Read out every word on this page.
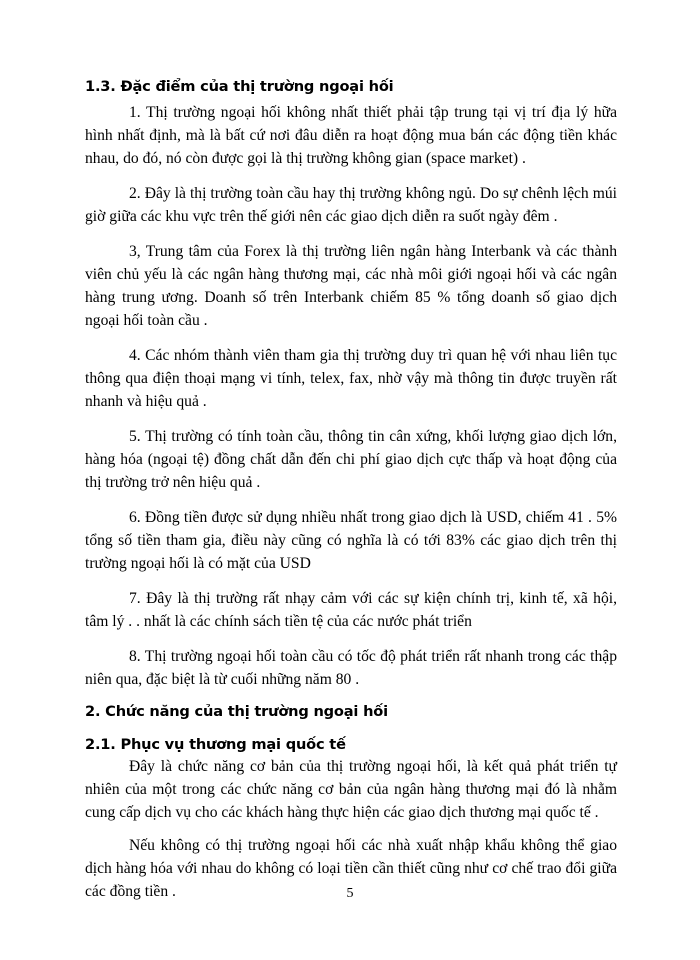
1.3. Đặc điểm của thị trường ngoại hối

1. Thị trường ngoại hối không nhất thiết phải tập trung tại vị trí địa lý hữa hình nhất định, mà là bất cứ nơi đâu diễn ra hoạt động mua bán các động tiền khác nhau, do đó, nó còn được gọi là thị trường không gian (space market) .

2. Đây là thị trường toàn cầu hay thị trường không ngủ. Do sự chênh lệch múi giờ giữa các khu vực trên thế giới nên các giao dịch diễn ra suốt ngày đêm .

3, Trung tâm của Forex là thị trường liên ngân hàng Interbank và các thành viên chủ yếu là các ngân hàng thương mại, các nhà môi giới ngoại hối và các ngân hàng trung ương. Doanh số trên Interbank chiếm 85 % tổng doanh số giao dịch ngoại hối toàn cầu .

4. Các nhóm thành viên tham gia thị trường duy trì quan hệ với nhau liên tục thông qua điện thoại mạng vi tính, telex, fax, nhờ vậy mà thông tin được truyền rất nhanh và hiệu quả .

5. Thị trường có tính toàn cầu, thông tin cân xứng, khối lượng giao dịch lớn, hàng hóa (ngoại tệ) đồng chất dẫn đến chi phí giao dịch cực thấp và hoạt động của thị trường trở nên hiệu quả .

6. Đồng tiền được sử dụng nhiều nhất trong giao dịch là USD, chiếm 41 . 5% tổng số tiền tham gia, điều này cũng có nghĩa là có tới 83% các giao dịch trên thị trường ngoại hối là có mặt của USD

7. Đây là thị trường rất nhạy cảm với các sự kiện chính trị, kinh tế, xã hội, tâm lý . . nhất là các chính sách tiền tệ của các nước phát triển

8. Thị trường ngoại hối toàn cầu có tốc độ phát triển rất nhanh trong các thập niên qua, đặc biệt là từ cuối những năm 80 .

2. Chức năng của thị trường ngoại hối
2.1. Phục vụ thương mại quốc tế

Đây là chức năng cơ bản của thị trường ngoại hối, là kết quả phát triển tự nhiên của một trong các chức năng cơ bản của ngân hàng thương mại đó là nhằm cung cấp dịch vụ cho các khách hàng thực hiện các giao dịch thương mại quốc tế .

Nếu không có thị trường ngoại hối các nhà xuất nhập khẩu không thể giao dịch hàng hóa với nhau do không có loại tiền cần thiết cũng như cơ chế trao đổi giữa các đồng tiền .	5
